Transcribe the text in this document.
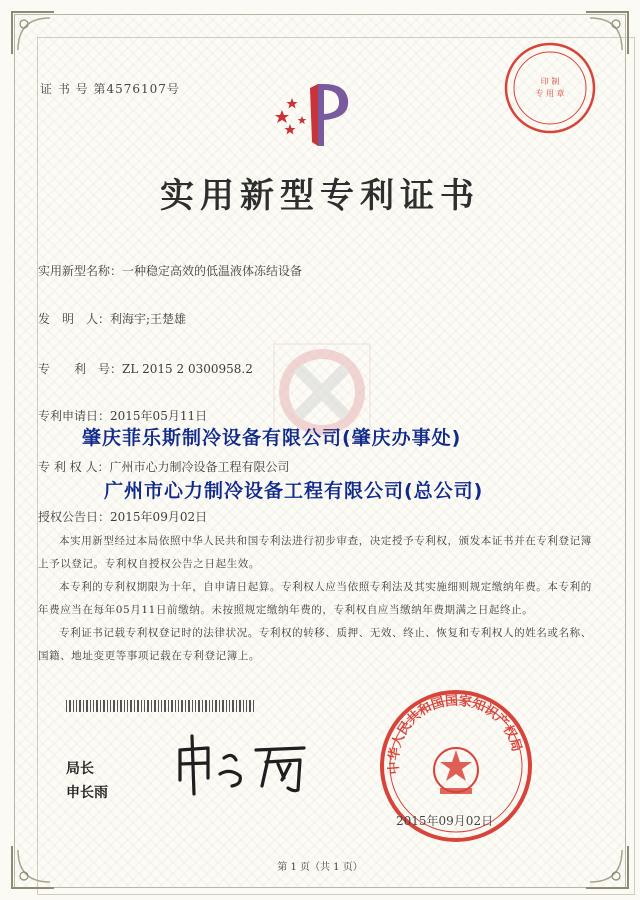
证 书 号 第4576107号
印 制
专 用 章
实用新型专利证书
实用新型名称：一种稳定高效的低温液体冻结设备
发　明　人：利海宇;王楚雄
专　　利　号：ZL 2015 2 0300958.2
专利申请日：2015年05月11日
肇庆菲乐斯制冷设备有限公司(肇庆办事处)
专 利 权 人：广州市心力制冷设备工程有限公司
广州市心力制冷设备工程有限公司(总公司)
授权公告日：2015年09月02日

本实用新型经过本局依照中华人民共和国专利法进行初步审查，决定授予专利权，颁发本证书并在专利登记簿上予以登记。专利权自授权公告之日起生效。

本专利的专利权期限为十年，自申请日起算。专利权人应当依照专利法及其实施细则规定缴纳年费。本专利的年费应当在每年05月11日前缴纳。未按照规定缴纳年费的，专利权自应当缴纳年费期满之日起终止。

专利证书记载专利权登记时的法律状况。专利权的转移、质押、无效、终止、恢复和专利权人的姓名或名称、国籍、地址变更等事项记载在专利登记簿上。

局长
申长雨
中华人民共和国国家知识产权局
2015年09月02日
第 1 页（共 1 页）
